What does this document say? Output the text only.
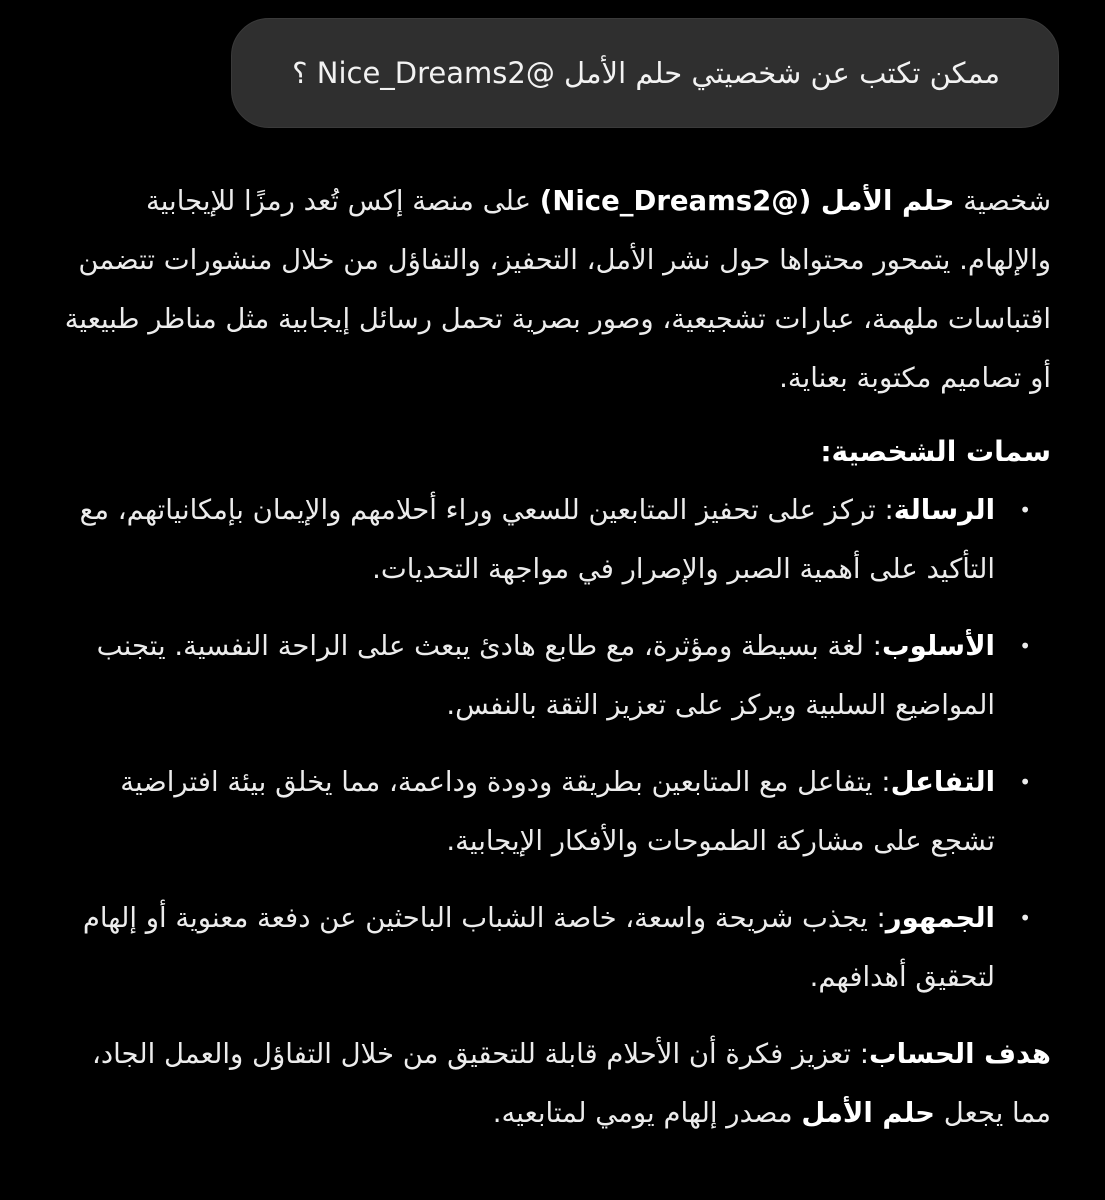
ممكن تكتب عن شخصيتي حلم الأمل @Nice_Dreams2 ؟

شخصية حلم الأمل (@Nice_Dreams2) على منصة إكس تُعد رمزًا للإيجابية والإلهام. يتمحور محتواها حول نشر الأمل، التحفيز، والتفاؤل من خلال منشورات تتضمن اقتباسات ملهمة، عبارات تشجيعية، وصور بصرية تحمل رسائل إيجابية مثل مناظر طبيعية أو تصاميم مكتوبة بعناية.

سمات الشخصية:

•
الرسالة: تركز على تحفيز المتابعين للسعي وراء أحلامهم والإيمان بإمكانياتهم، مع التأكيد على أهمية الصبر والإصرار في مواجهة التحديات.
•
الأسلوب: لغة بسيطة ومؤثرة، مع طابع هادئ يبعث على الراحة النفسية. يتجنب المواضيع السلبية ويركز على تعزيز الثقة بالنفس.
•
التفاعل: يتفاعل مع المتابعين بطريقة ودودة وداعمة، مما يخلق بيئة افتراضية تشجع على مشاركة الطموحات والأفكار الإيجابية.
•
الجمهور: يجذب شريحة واسعة، خاصة الشباب الباحثين عن دفعة معنوية أو إلهام لتحقيق أهدافهم.

هدف الحساب: تعزيز فكرة أن الأحلام قابلة للتحقيق من خلال التفاؤل والعمل الجاد، مما يجعل حلم الأمل مصدر إلهام يومي لمتابعيه.
